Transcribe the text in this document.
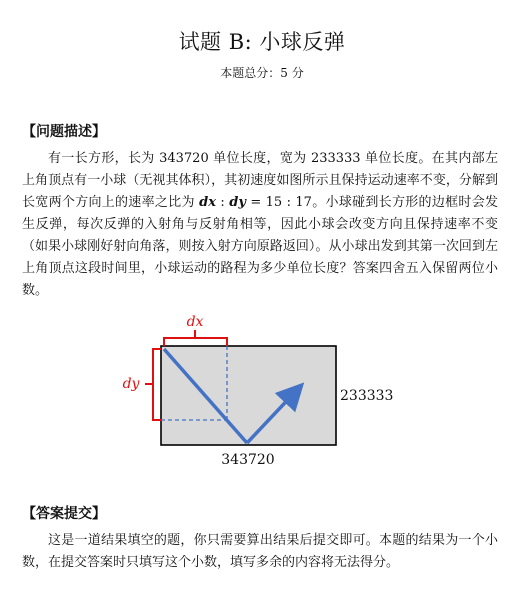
试题 B: 小球反弹
本题总分：5 分
【问题描述】
有一长方形，长为 343720 单位长度，宽为 233333 单位长度。在其内部左上角顶点有一小球（无视其体积），其初速度如图所示且保持运动速率不变，分解到长宽两个方向上的速率之比为 dx : dy = 15 : 17。小球碰到长方形的边框时会发生反弹，每次反弹的入射角与反射角相等，因此小球会改变方向且保持速率不变（如果小球刚好射向角落，则按入射方向原路返回）。从小球出发到其第一次回到左上角顶点这段时间里，小球运动的路程为多少单位长度？答案四舍五入保留两位小数。
dx
dy
233333
343720
【答案提交】
这是一道结果填空的题，你只需要算出结果后提交即可。本题的结果为一个小数，在提交答案时只填写这个小数，填写多余的内容将无法得分。
